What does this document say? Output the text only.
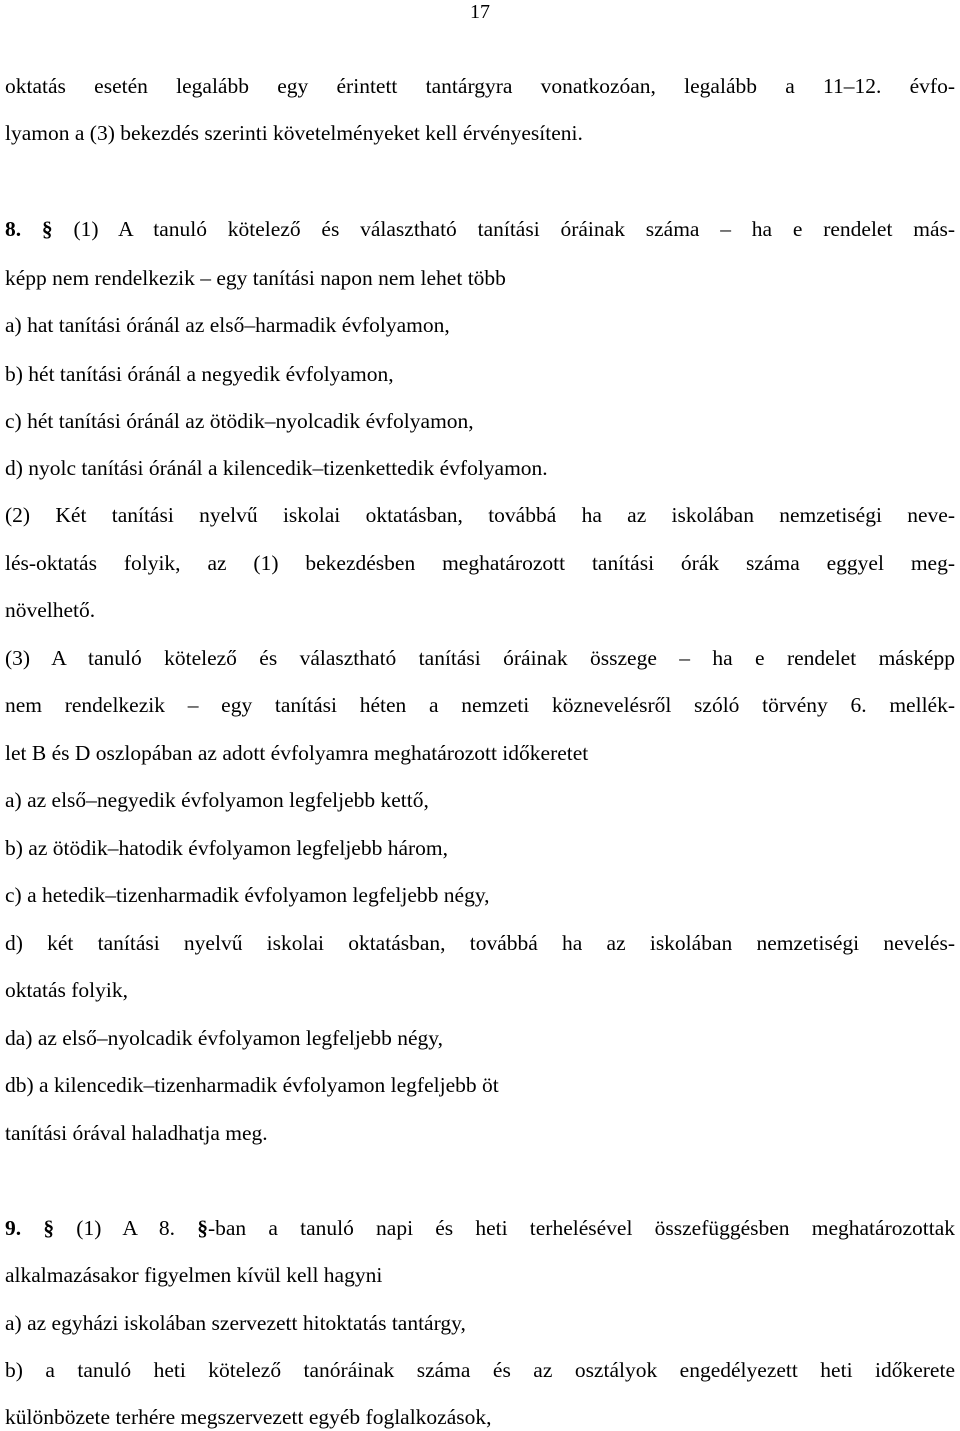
17
oktatás esetén legalább egy érintett tantárgyra vonatkozóan, legalább a 11–12. évfo-
lyamon a (3) bekezdés szerinti követelményeket kell érvényesíteni.
8. § (1) A tanuló kötelező és választható tanítási óráinak száma – ha e rendelet más-
képp nem rendelkezik – egy tanítási napon nem lehet több
a) hat tanítási óránál az első–harmadik évfolyamon,
b) hét tanítási óránál a negyedik évfolyamon,
c) hét tanítási óránál az ötödik–nyolcadik évfolyamon,
d) nyolc tanítási óránál a kilencedik–tizenkettedik évfolyamon.
(2) Két tanítási nyelvű iskolai oktatásban, továbbá ha az iskolában nemzetiségi neve-
lés-oktatás folyik, az (1) bekezdésben meghatározott tanítási órák száma eggyel meg-
növelhető.
(3) A tanuló kötelező és választható tanítási óráinak összege – ha e rendelet másképp
nem rendelkezik – egy tanítási héten a nemzeti köznevelésről szóló törvény 6. mellék-
let B és D oszlopában az adott évfolyamra meghatározott időkeretet
a) az első–negyedik évfolyamon legfeljebb kettő,
b) az ötödik–hatodik évfolyamon legfeljebb három,
c) a hetedik–tizenharmadik évfolyamon legfeljebb négy,
d) két tanítási nyelvű iskolai oktatásban, továbbá ha az iskolában nemzetiségi nevelés-
oktatás folyik,
da) az első–nyolcadik évfolyamon legfeljebb négy,
db) a kilencedik–tizenharmadik évfolyamon legfeljebb öt
tanítási órával haladhatja meg.
9. § (1) A 8. §-ban a tanuló napi és heti terhelésével összefüggésben meghatározottak
alkalmazásakor figyelmen kívül kell hagyni
a) az egyházi iskolában szervezett hitoktatás tantárgy,
b) a tanuló heti kötelező tanóráinak száma és az osztályok engedélyezett heti időkerete
különbözete terhére megszervezett egyéb foglalkozások,
